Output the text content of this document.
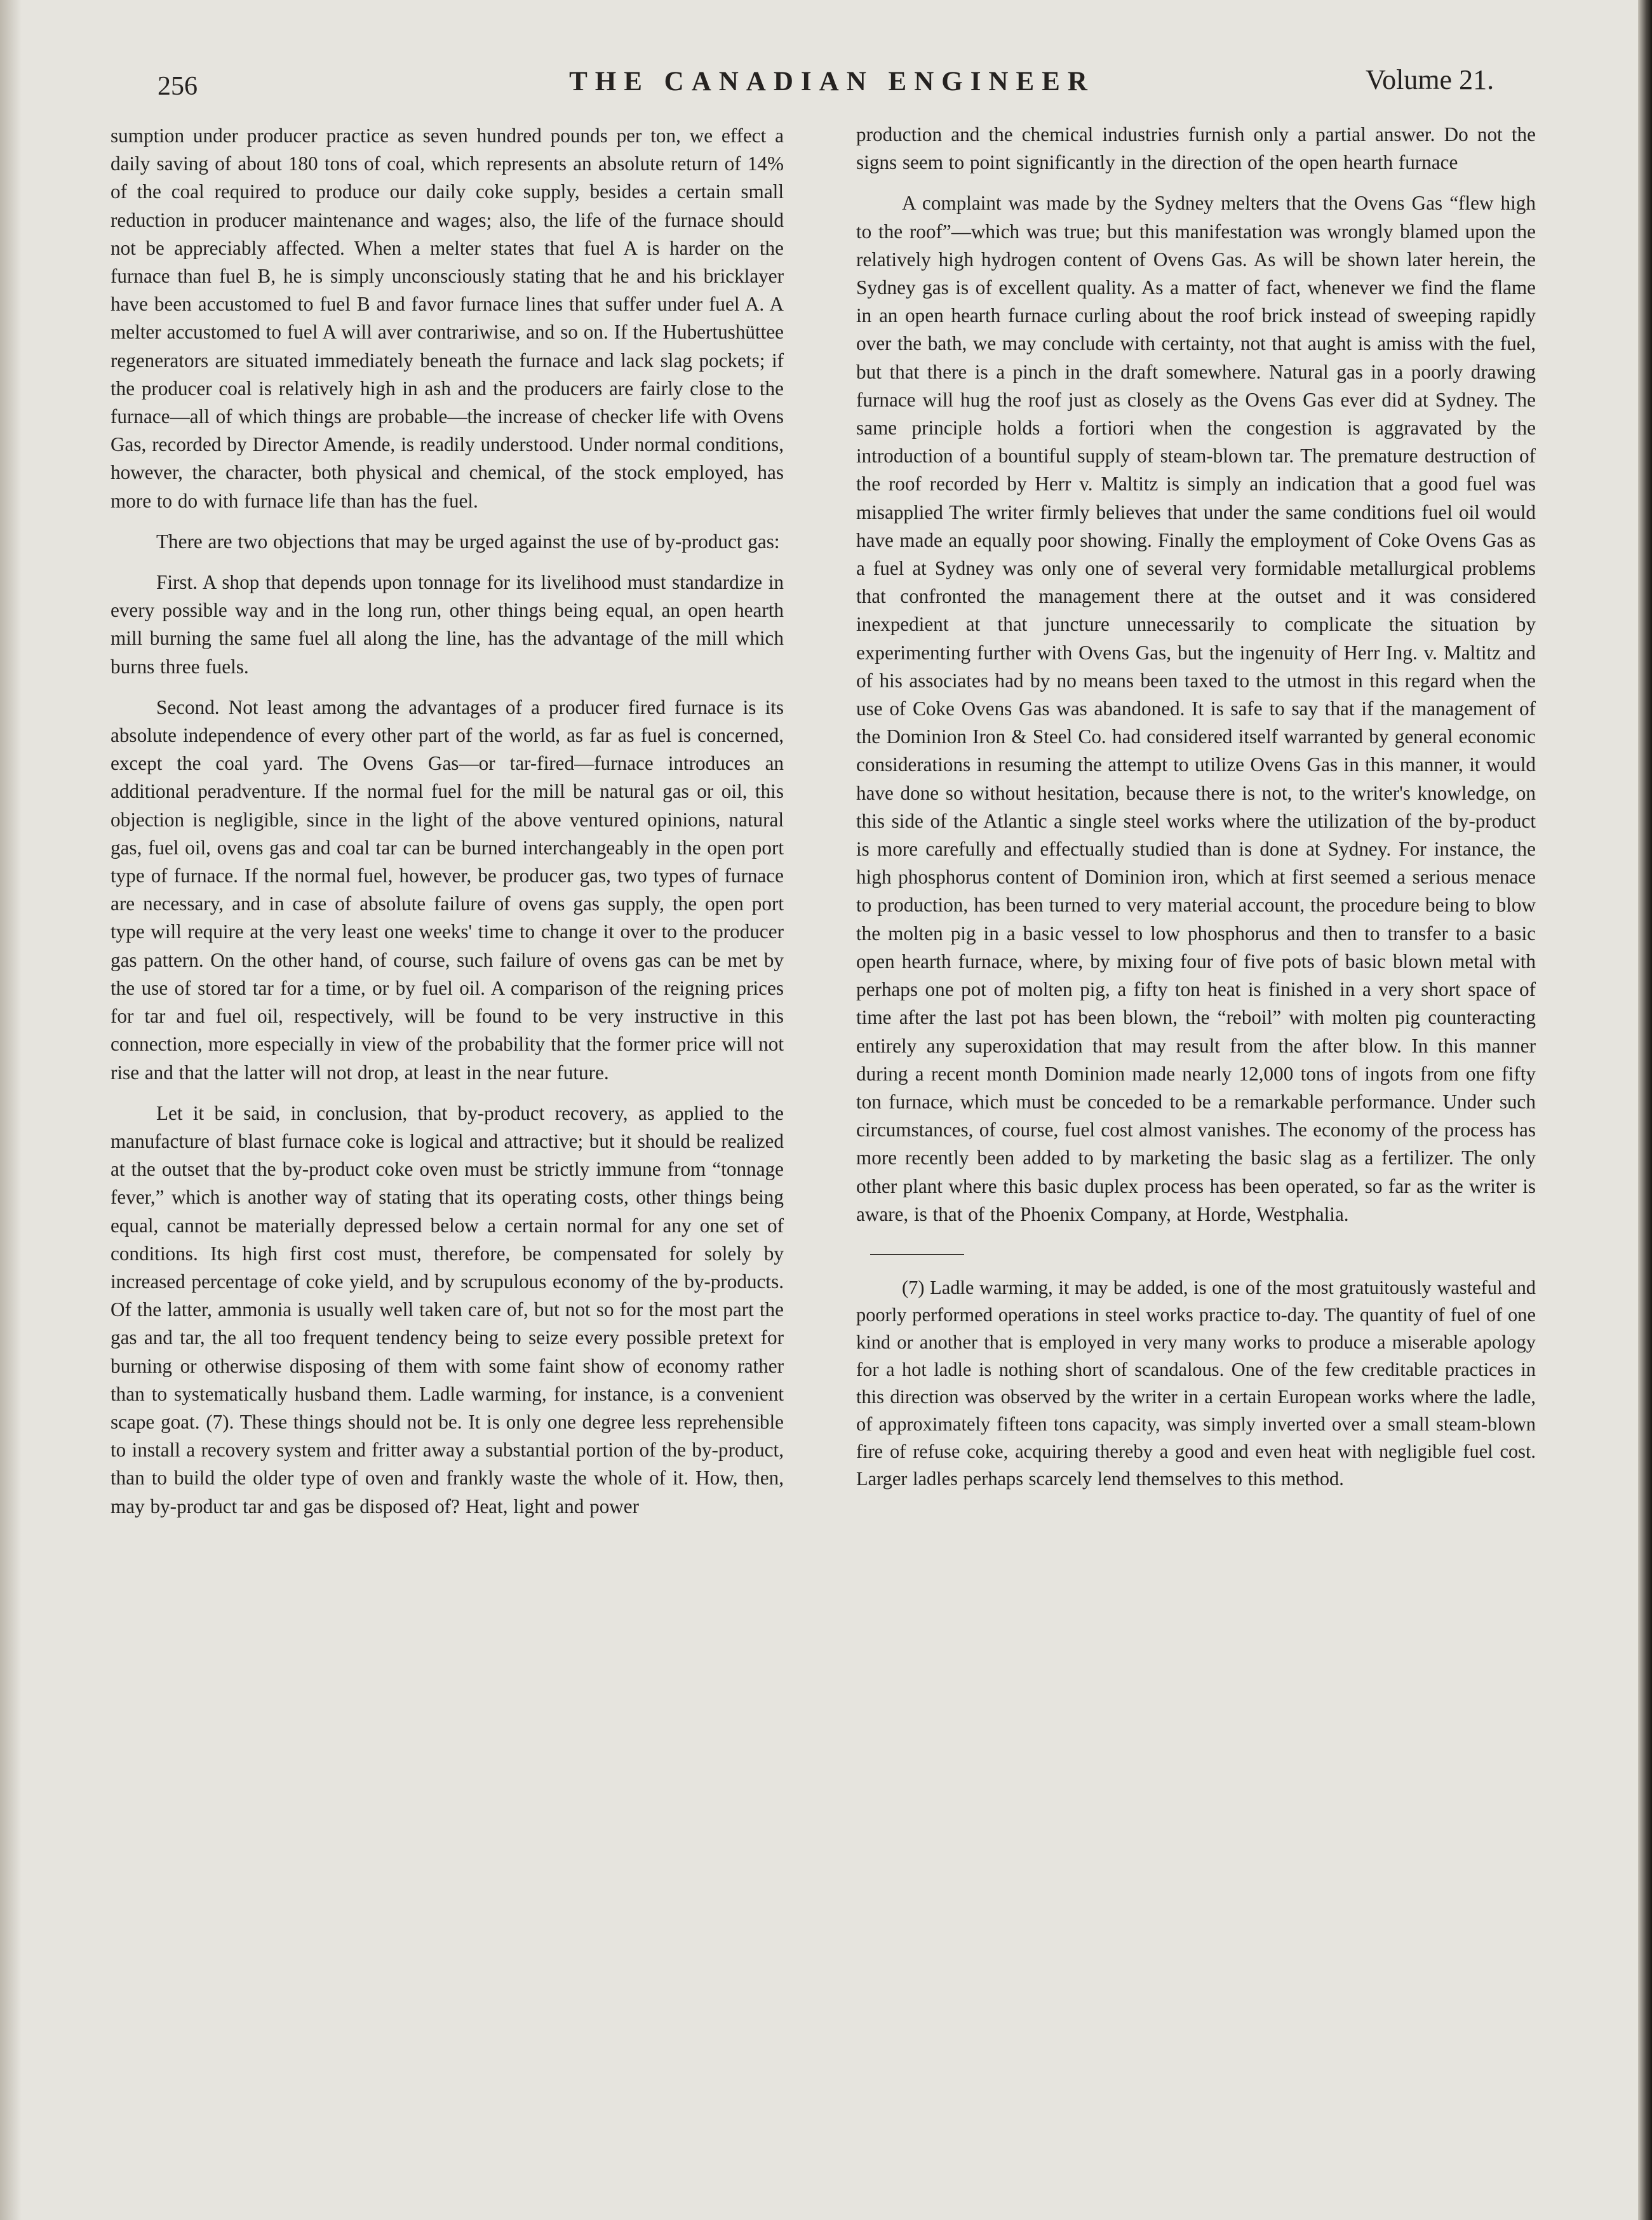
256	THE CANADIAN ENGINEER	Volume 21.

sumption under producer practice as seven hundred pounds per ton, we effect a daily saving of about 180 tons of coal, which represents an absolute return of 14% of the coal required to produce our daily coke supply, besides a certain small reduction in producer maintenance and wages; also, the life of the furnace should not be appreciably affected. When a melter states that fuel A is harder on the furnace than fuel B, he is simply unconsciously stating that he and his bricklayer have been accustomed to fuel B and favor furnace lines that suffer under fuel A. A melter accustomed to fuel A will aver contrariwise, and so on. If the Hubertushüttee regenerators are situated immediately beneath the furnace and lack slag pockets; if the producer coal is relatively high in ash and the producers are fairly close to the furnace—all of which things are probable—the increase of checker life with Ovens Gas, recorded by Director Amende, is readily understood. Under normal conditions, however, the character, both physical and chemical, of the stock employed, has more to do with furnace life than has the fuel.

There are two objections that may be urged against the use of by-product gas:

First. A shop that depends upon tonnage for its livelihood must standardize in every possible way and in the long run, other things being equal, an open hearth mill burning the same fuel all along the line, has the advantage of the mill which burns three fuels.

Second. Not least among the advantages of a producer fired furnace is its absolute independence of every other part of the world, as far as fuel is concerned, except the coal yard. The Ovens Gas—or tar-fired—furnace introduces an additional peradventure. If the normal fuel for the mill be natural gas or oil, this objection is negligible, since in the light of the above ventured opinions, natural gas, fuel oil, ovens gas and coal tar can be burned interchangeably in the open port type of furnace. If the normal fuel, however, be producer gas, two types of furnace are necessary, and in case of absolute failure of ovens gas supply, the open port type will require at the very least one weeks' time to change it over to the producer gas pattern. On the other hand, of course, such failure of ovens gas can be met by the use of stored tar for a time, or by fuel oil. A comparison of the reigning prices for tar and fuel oil, respectively, will be found to be very instructive in this connection, more especially in view of the probability that the former price will not rise and that the latter will not drop, at least in the near future.

Let it be said, in conclusion, that by-product recovery, as applied to the manufacture of blast furnace coke is logical and attractive; but it should be realized at the outset that the by-product coke oven must be strictly immune from “tonnage fever,” which is another way of stating that its operating costs, other things being equal, cannot be materially depressed below a certain normal for any one set of conditions. Its high first cost must, therefore, be compensated for solely by increased percentage of coke yield, and by scrupulous economy of the by-products. Of the latter, ammonia is usually well taken care of, but not so for the most part the gas and tar, the all too frequent tendency being to seize every possible pretext for burning or otherwise disposing of them with some faint show of economy rather than to systematically husband them. Ladle warming, for instance, is a convenient scape goat. (7). These things should not be. It is only one degree less reprehensible to install a recovery system and fritter away a substantial portion of the by-product, than to build the older type of oven and frankly waste the whole of it. How, then, may by-product tar and gas be disposed of? Heat, light and power

production and the chemical industries furnish only a partial answer. Do not the signs seem to point significantly in the direction of the open hearth furnace

A complaint was made by the Sydney melters that the Ovens Gas “flew high to the roof”—which was true; but this manifestation was wrongly blamed upon the relatively high hydrogen content of Ovens Gas. As will be shown later herein, the Sydney gas is of excellent quality. As a matter of fact, whenever we find the flame in an open hearth furnace curling about the roof brick instead of sweeping rapidly over the bath, we may conclude with certainty, not that aught is amiss with the fuel, but that there is a pinch in the draft somewhere. Natural gas in a poorly drawing furnace will hug the roof just as closely as the Ovens Gas ever did at Sydney. The same principle holds a fortiori when the congestion is aggravated by the introduction of a bountiful supply of steam-blown tar. The premature destruction of the roof recorded by Herr v. Maltitz is simply an indication that a good fuel was misapplied The writer firmly believes that under the same conditions fuel oil would have made an equally poor showing. Finally the employment of Coke Ovens Gas as a fuel at Sydney was only one of several very formidable metallurgical problems that confronted the management there at the outset and it was considered inexpedient at that juncture unnecessarily to complicate the situation by experimenting further with Ovens Gas, but the ingenuity of Herr Ing. v. Maltitz and of his associates had by no means been taxed to the utmost in this regard when the use of Coke Ovens Gas was abandoned. It is safe to say that if the management of the Dominion Iron & Steel Co. had considered itself warranted by general economic considerations in resuming the attempt to utilize Ovens Gas in this manner, it would have done so without hesitation, because there is not, to the writer's knowledge, on this side of the Atlantic a single steel works where the utilization of the by-product is more carefully and effectually studied than is done at Sydney. For instance, the high phosphorus content of Dominion iron, which at first seemed a serious menace to production, has been turned to very material account, the procedure being to blow the molten pig in a basic vessel to low phosphorus and then to transfer to a basic open hearth furnace, where, by mixing four of five pots of basic blown metal with perhaps one pot of molten pig, a fifty ton heat is finished in a very short space of time after the last pot has been blown, the “reboil” with molten pig counteracting entirely any superoxidation that may result from the after blow. In this manner during a recent month Dominion made nearly 12,000 tons of ingots from one fifty ton furnace, which must be conceded to be a remarkable performance. Under such circumstances, of course, fuel cost almost vanishes. The economy of the process has more recently been added to by marketing the basic slag as a fertilizer. The only other plant where this basic duplex process has been operated, so far as the writer is aware, is that of the Phoenix Company, at Horde, Westphalia.

(7) Ladle warming, it may be added, is one of the most gratuitously wasteful and poorly performed operations in steel works practice to-day. The quantity of fuel of one kind or another that is employed in very many works to produce a miserable apology for a hot ladle is nothing short of scandalous. One of the few creditable practices in this direction was observed by the writer in a certain European works where the ladle, of approximately fifteen tons capacity, was simply inverted over a small steam-blown fire of refuse coke, acquiring thereby a good and even heat with negligible fuel cost. Larger ladles perhaps scarcely lend themselves to this method.
